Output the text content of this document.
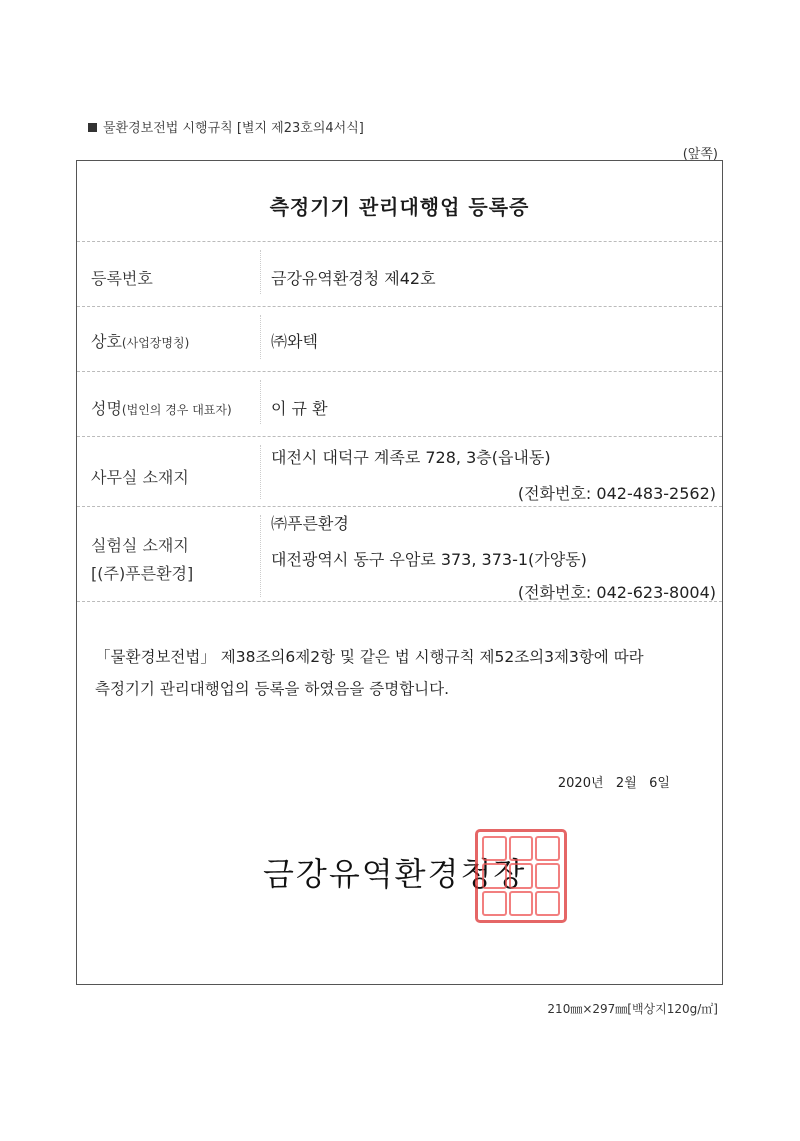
물환경보전법 시행규칙 [별지 제23호의4서식]
(앞쪽)
측정기기 관리대행업 등록증
등록번호	금강유역환경청 제42호
상호(사업장명칭)	㈜와텍
성명(법인의 경우 대표자) 이 규 환
사무실 소재지
대전시 대덕구 계족로 728, 3층(읍내동)
(전화번호: 042-483-2562)
실험실 소재지
[(주)푸른환경]
㈜푸른환경
대전광역시 동구 우암로 373, 373-1(가양동)
(전화번호: 042-623-8004)
「물환경보전법」 제38조의6제2항 및 같은 법 시행규칙 제52조의3제3항에 따라
측정기기 관리대행업의 등록을 하였음을 증명합니다.
2020년   2월   6일
금강유역환경청장
210㎜×297㎜[백상지120g/㎡]
